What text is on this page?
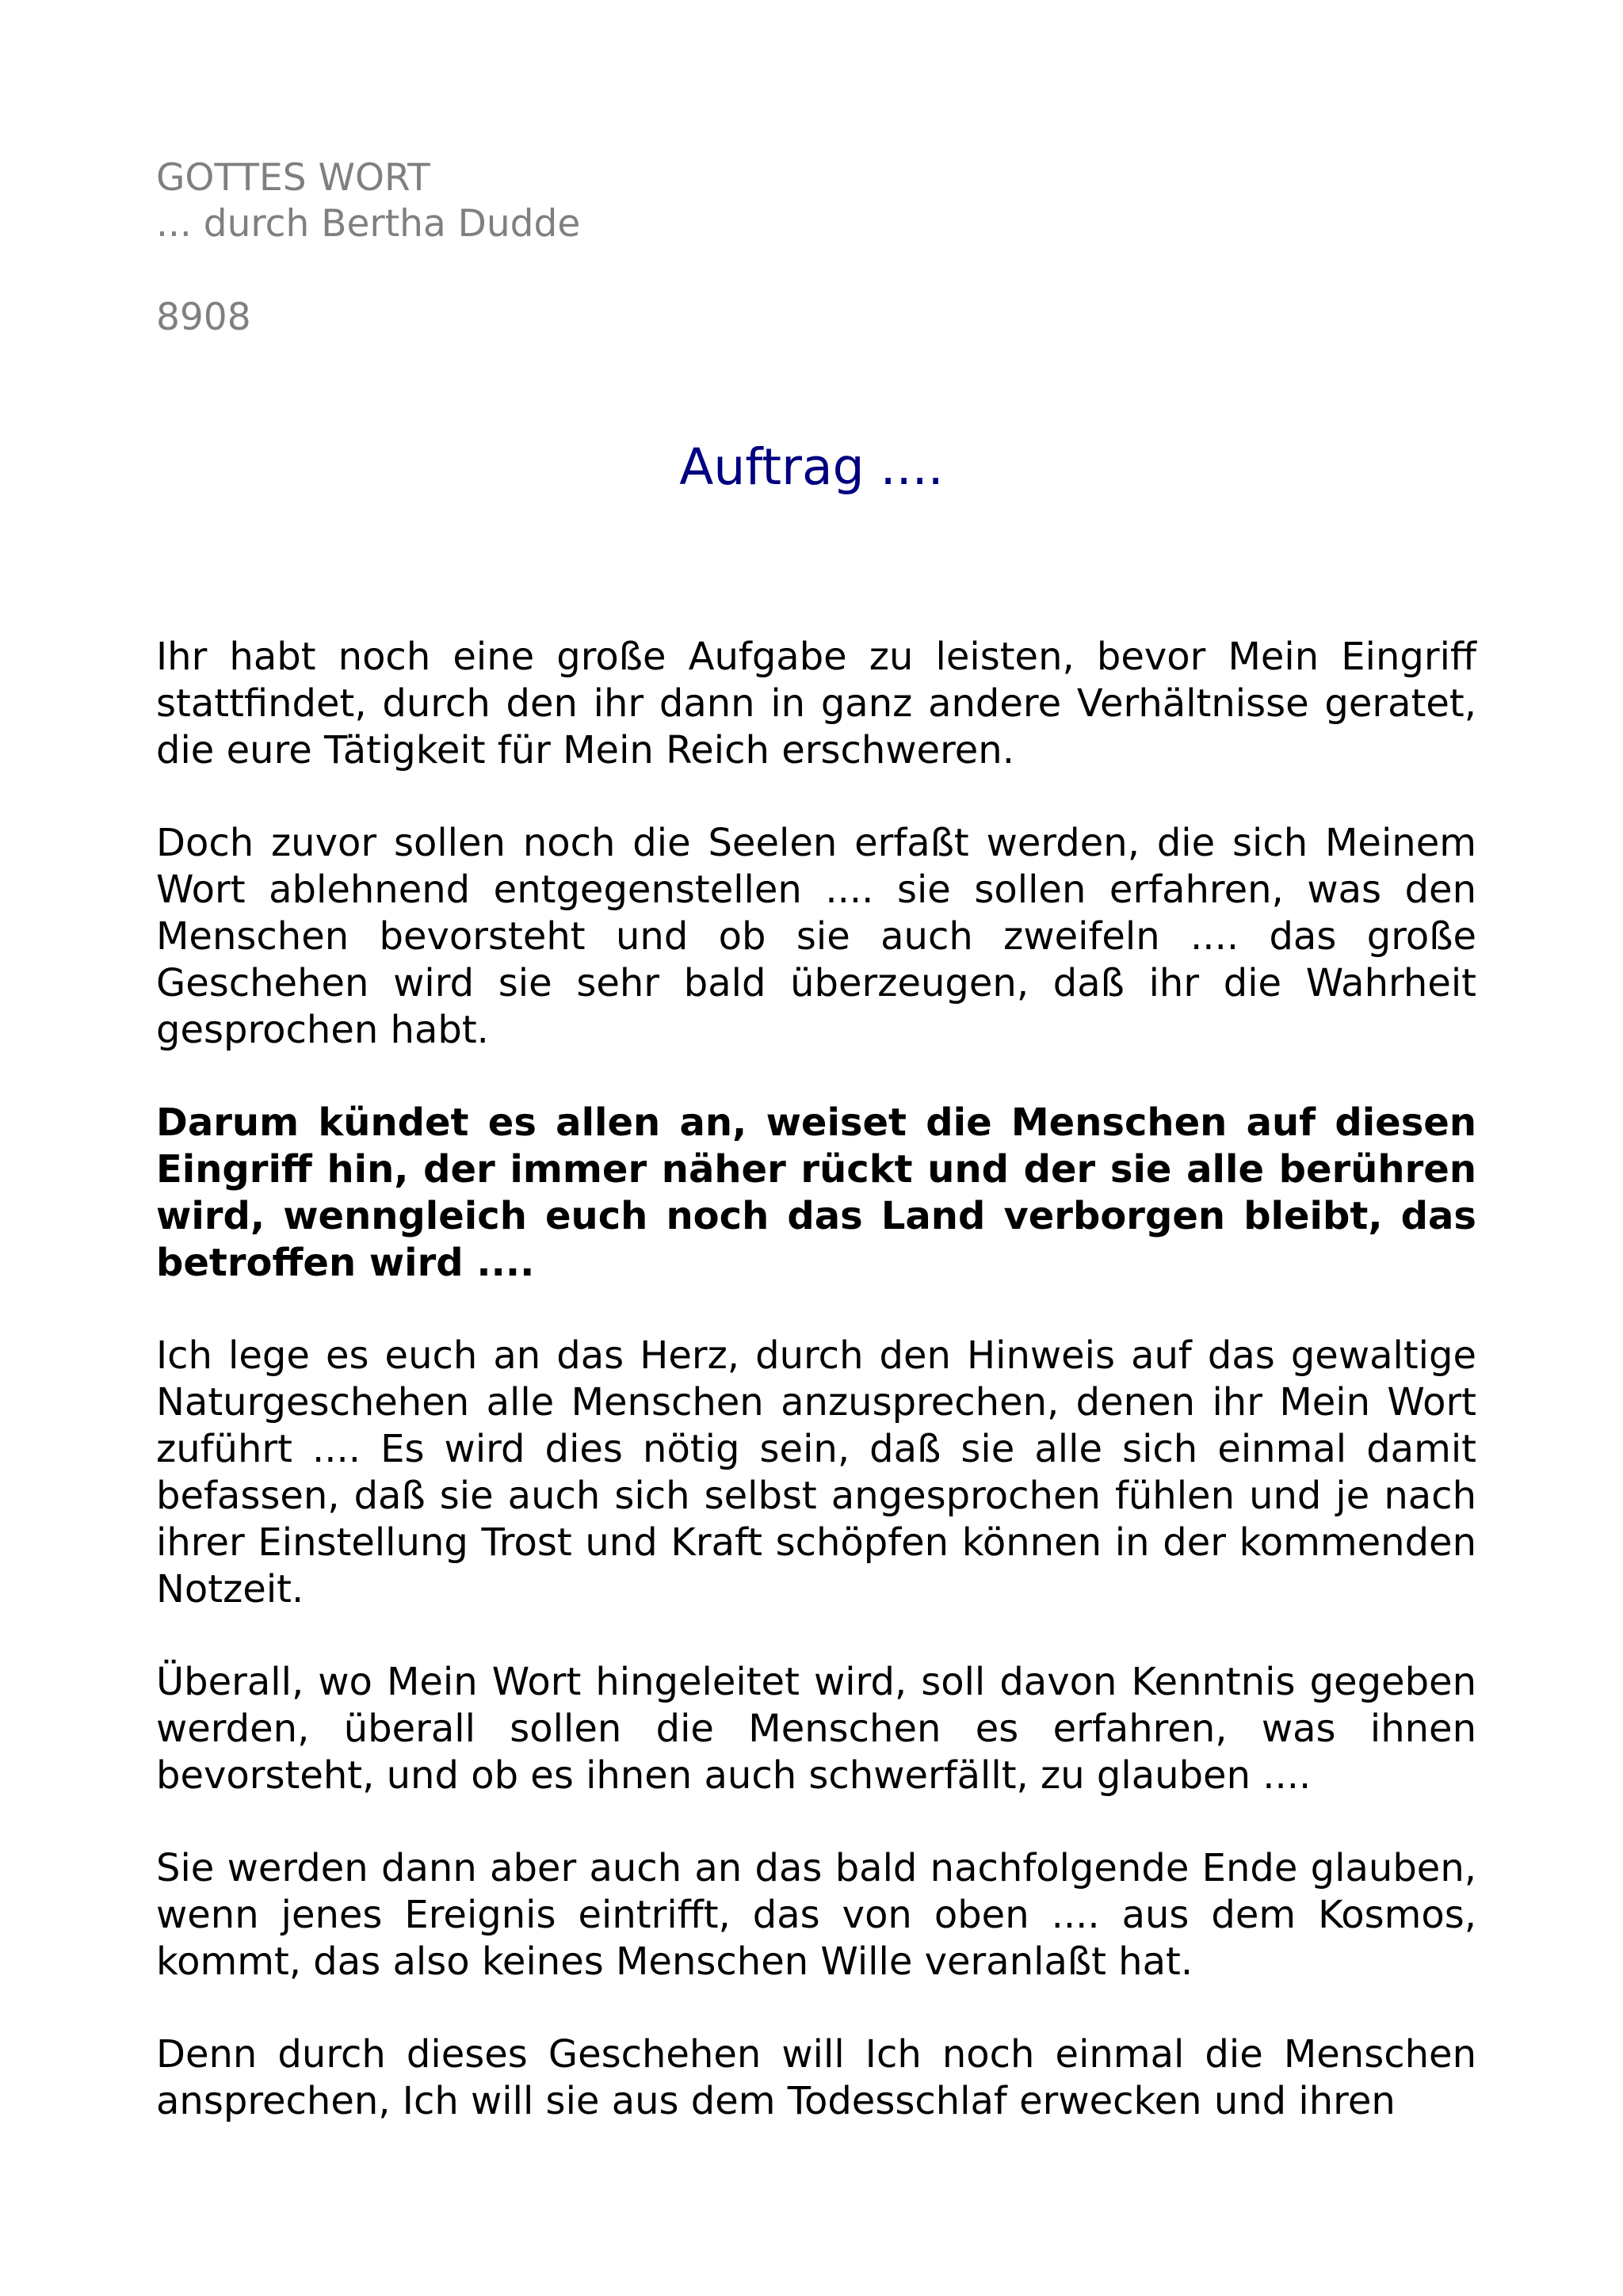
GOTTES WORT
... durch Bertha Dudde
8908
Auftrag ....

Ihr habt noch eine große Aufgabe zu leisten, bevor Mein Eingriff stattfindet, durch den ihr dann in ganz andere Verhältnisse geratet, die eure Tätigkeit für Mein Reich erschweren.

Doch zuvor sollen noch die Seelen erfaßt werden, die sich Meinem Wort ablehnend entgegenstellen .... sie sollen erfahren, was den Menschen bevorsteht und ob sie auch zweifeln .... das große Geschehen wird sie sehr bald überzeugen, daß ihr die Wahrheit gesprochen habt.

Darum kündet es allen an, weiset die Menschen auf diesen Eingriff hin, der immer näher rückt und der sie alle berühren wird, wenngleich euch noch das Land verborgen bleibt, das betroffen wird ....

Ich lege es euch an das Herz, durch den Hinweis auf das gewaltige Naturgeschehen alle Menschen anzusprechen, denen ihr Mein Wort zuführt .... Es wird dies nötig sein, daß sie alle sich einmal damit befassen, daß sie auch sich selbst angesprochen fühlen und je nach ihrer Einstellung Trost und Kraft schöpfen können in der kommenden Notzeit.

Überall, wo Mein Wort hingeleitet wird, soll davon Kenntnis gegeben werden, überall sollen die Menschen es erfahren, was ihnen bevorsteht, und ob es ihnen auch schwerfällt, zu glauben ....

Sie werden dann aber auch an das bald nachfolgende Ende glauben, wenn jenes Ereignis eintrifft, das von oben .... aus dem Kosmos, kommt, das also keines Menschen Wille veranlaßt hat.

Denn durch dieses Geschehen will Ich noch einmal die Menschen ansprechen, Ich will sie aus dem Todesschlaf erwecken und ihren
